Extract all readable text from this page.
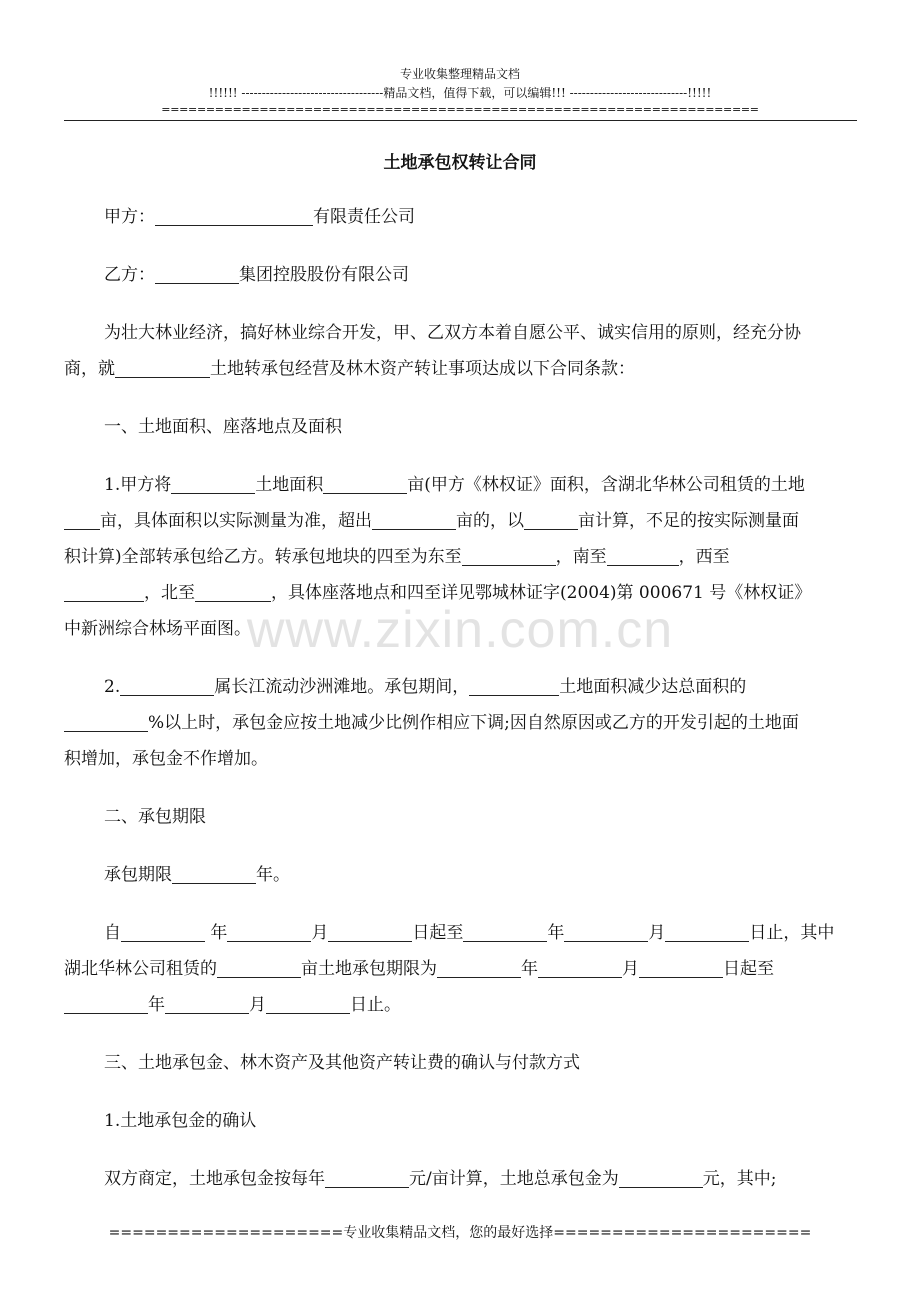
专业收集整理精品文档
!!!!!! -----------------------------------精品文档，值得下载，可以编辑!!! -----------------------------!!!!!
===================================================================
土地承包权转让合同
甲方：	有限责任公司
乙方：	集团控股股份有限公司
为壮大林业经济，搞好林业综合开发，甲、乙双方本着自愿公平、诚实信用的原则，经充分协
商，就	土地转承包经营及林木资产转让事项达成以下合同条款：
一、土地面积、座落地点及面积
1.甲方将	土地面积	亩(甲方《林权证》面积，含湖北华林公司租赁的土地
亩，具体面积以实际测量为准，超出	亩的，以	亩计算，不足的按实际测量面
积计算)全部转承包给乙方。转承包地块的四至为东至	，南至	，西至
，北至	，具体座落地点和四至详见鄂城林证字(2004)第 000671 号《林权证》
中新洲综合林场平面图。
www.zixin.com.cn
2.	属长江流动沙洲滩地。承包期间，	土地面积减少达总面积的
%以上时，承包金应按土地减少比例作相应下调;因自然原因或乙方的开发引起的土地面
积增加，承包金不作增加。
二、承包期限
承包期限	年。
自	年	月	日起至	年	月	日止，其中
湖北华林公司租赁的	亩土地承包期限为	年	月	日起至
年	月	日止。
三、土地承包金、林木资产及其他资产转让费的确认与付款方式
1.土地承包金的确认
双方商定，土地承包金按每年	元/亩计算，土地总承包金为	元，其中;
====================专业收集精品文档，您的最好选择======================
